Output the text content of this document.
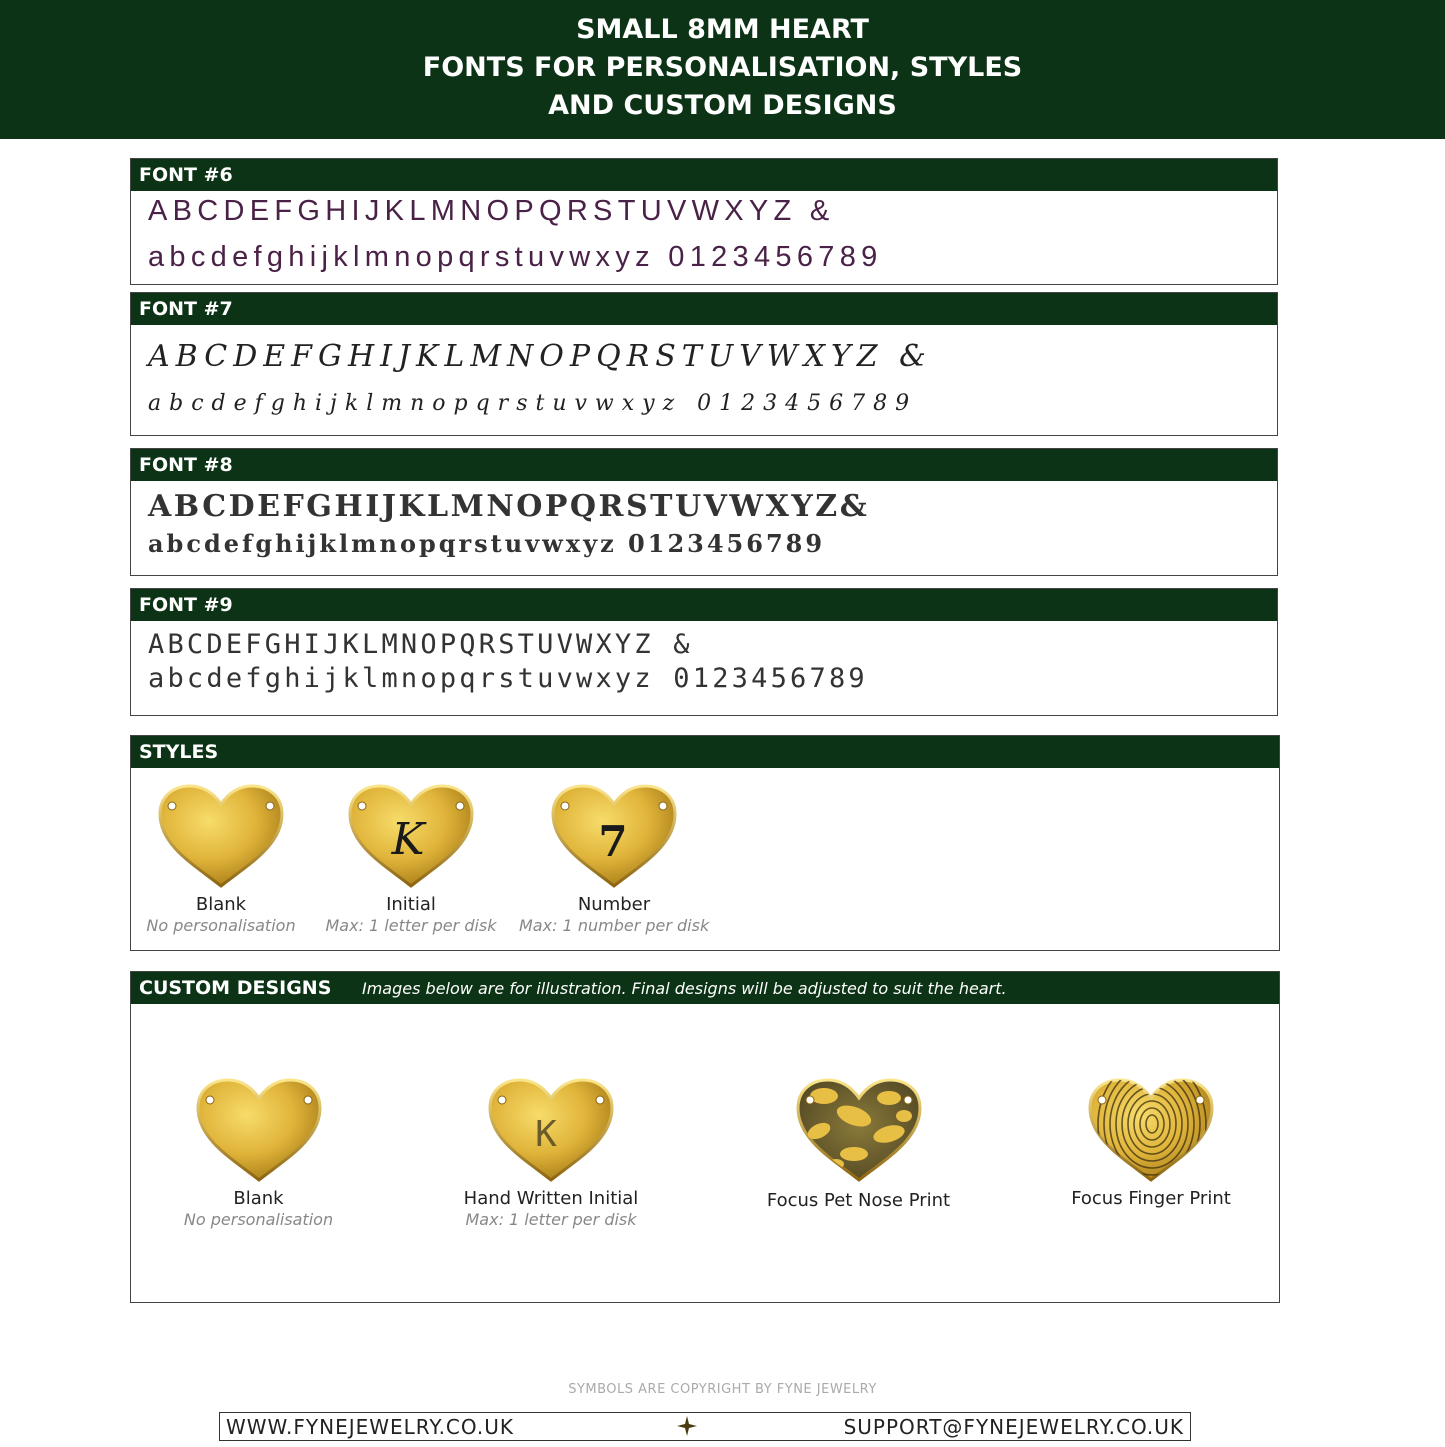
SMALL 8MM HEART
FONTS FOR PERSONALISATION, STYLES
AND CUSTOM DESIGNS
FONT #6
ABCDEFGHIJKLMNOPQRSTUVWXYZ &
abcdefghijklmnopqrstuvwxyz 0123456789
FONT #7
ABCDEFGHIJKLMNOPQRSTUVWXYZ &
abcdefghijklmnopqrstuvwxyz 0123456789
FONT #8
ABCDEFGHIJKLMNOPQRSTUVWXYZ&
abcdefghijklmnopqrstuvwxyz 0123456789
FONT #9
ABCDEFGHIJKLMNOPQRSTUVWXYZ &
abcdefghijklmnopqrstuvwxyz 0123456789
STYLES
Blank
No personalisation
K
Initial
Max: 1 letter per disk
7
Number
Max: 1 number per disk
CUSTOM DESIGNS Images below are for illustration. Final designs will be adjusted to suit the heart.
Blank
No personalisation
K
Hand Written Initial
Max: 1 letter per disk
Focus Pet Nose Print	Focus Finger Print
SYMBOLS ARE COPYRIGHT BY FYNE JEWELRY
WWW.FYNEJEWELRY.CO.UK	SUPPORT@FYNEJEWELRY.CO.UK
